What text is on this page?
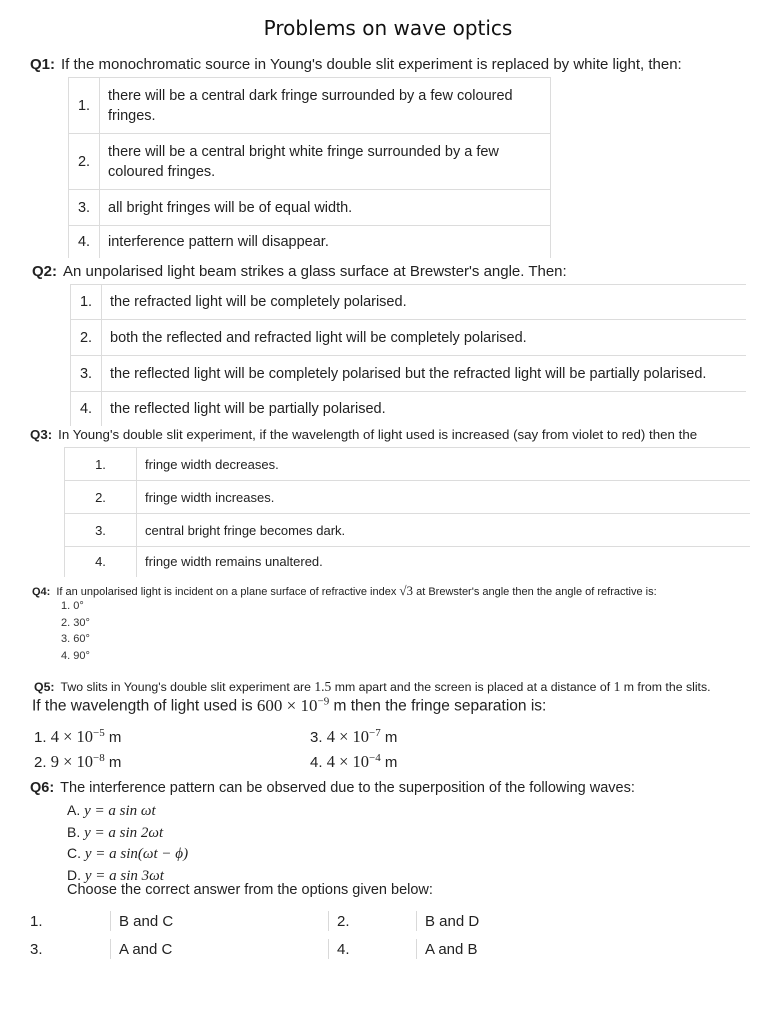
Problems on wave optics
Q1: If the monochromatic source in Young's double slit experiment is replaced by white light, then:
1.	there will be a central dark fringe surrounded by a few coloured fringes.
2.	there will be a central bright white fringe surrounded by a few coloured fringes.
3.	all bright fringes will be of equal width.
4.	interference pattern will disappear.
Q2: An unpolarised light beam strikes a glass surface at Brewster's angle. Then:
1.	the refracted light will be completely polarised.
2.	both the reflected and refracted light will be completely polarised.
3.	the reflected light will be completely polarised but the refracted light will be partially polarised.
4.	the reflected light will be partially polarised.
Q3: In Young's double slit experiment, if the wavelength of light used is increased (say from violet to red) then the
1.	fringe width decreases.
2.	fringe width increases.
3.	central bright fringe becomes dark.
4.	fringe width remains unaltered.
Q4: If an unpolarised light is incident on a plane surface of refractive index √3 at Brewster's angle then the angle of refractive is:
1. 0°
2. 30°
3. 60°
4. 90°
Q5: Two slits in Young's double slit experiment are 1.5 mm apart and the screen is placed at a distance of 1 m from the slits.
If the wavelength of light used is $600 \times 10^{-9}$ m then the fringe separation is:
1. $4 \times 10^{-5}$ m	3. $4 \times 10^{-7}$ m
2. $9 \times 10^{-8}$ m	4. $4 \times 10^{-4}$ m
Q6: The interference pattern can be observed due to the superposition of the following waves:
A. y = a sin ωt
B. y = a sin 2ωt
C. y = a sin(ωt − ϕ)
D. y = a sin 3ωt
Choose the correct answer from the options given below:
1.	B and C	2.	B and D
3.	A and C	4.	A and B
